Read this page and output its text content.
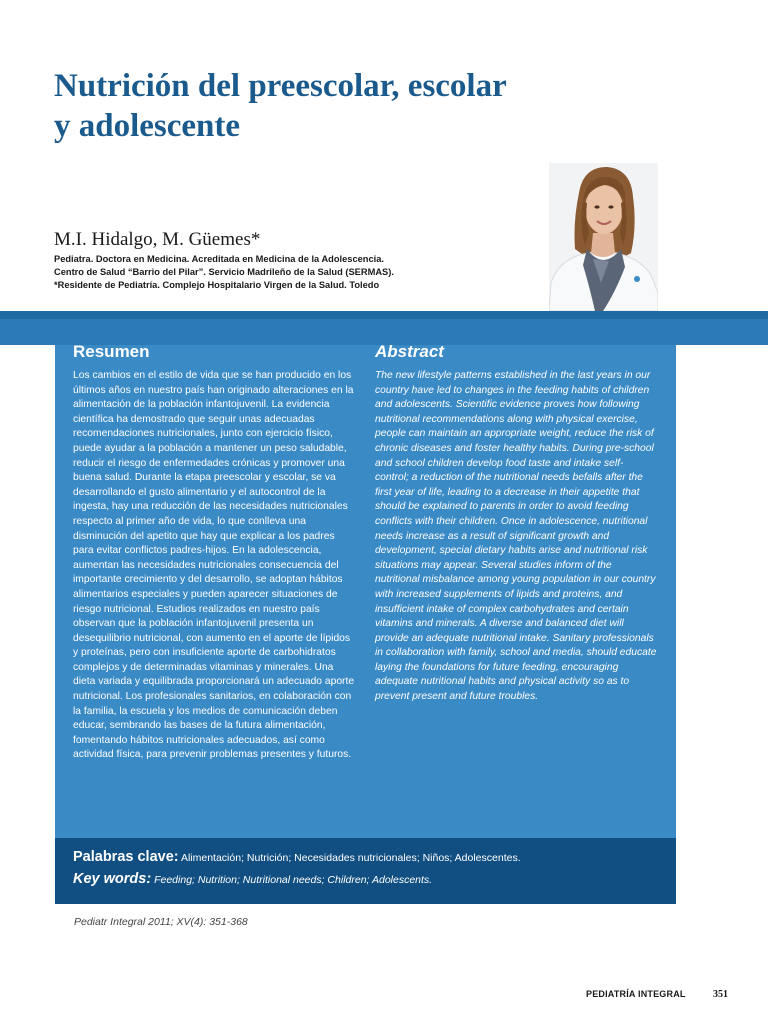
Nutrición del preescolar, escolar
y adolescente
M.I. Hidalgo, M. Güemes*
Pediatra. Doctora en Medicina. Acreditada en Medicina de la Adolescencia.
Centro de Salud “Barrio del Pilar”. Servicio Madrileño de la Salud (SERMAS).
*Residente de Pediatría. Complejo Hospitalario Virgen de la Salud. Toledo
Resumen

Los cambios en el estilo de vida que se han producido en los últimos años en nuestro país han originado alteraciones en la alimentación de la población infantojuvenil. La evidencia científica ha demostrado que seguir unas adecuadas recomendaciones nutricionales, junto con ejercicio físico, puede ayudar a la población a mantener un peso saludable, reducir el riesgo de enfermedades crónicas y promover una buena salud. Durante la etapa preescolar y escolar, se va desarrollando el gusto alimentario y el autocontrol de la ingesta, hay una reducción de las necesidades nutricionales respecto al primer año de vida, lo que conlleva una disminución del apetito que hay que explicar a los padres para evitar conflictos padres-hijos. En la adolescencia, aumentan las necesidades nutricionales consecuencia del importante crecimiento y del desarrollo, se adoptan hábitos alimentarios especiales y pueden aparecer situaciones de riesgo nutricional. Estudios realizados en nuestro país observan que la población infantojuvenil presenta un desequilibrio nutricional, con aumento en el aporte de lípidos y proteínas, pero con insuficiente aporte de carbohidratos complejos y de determinadas vitaminas y minerales. Una dieta variada y equilibrada proporcionará un adecuado aporte nutricional. Los profesionales sanitarios, en colaboración con la familia, la escuela y los medios de comunicación deben educar, sembrando las bases de la futura alimentación, fomentando hábitos nutricionales adecuados, así como actividad física, para prevenir problemas presentes y futuros.

Abstract

The new lifestyle patterns established in the last years in our country have led to changes in the feeding habits of children and adolescents. Scientific evidence proves how following nutritional recommendations along with physical exercise, people can maintain an appropriate weight, reduce the risk of chronic diseases and foster healthy habits. During pre-school and school children develop food taste and intake self-control; a reduction of the nutritional needs befalls after the first year of life, leading to a decrease in their appetite that should be explained to parents in order to avoid feeding conflicts with their children. Once in adolescence, nutritional needs increase as a result of significant growth and development, special dietary habits arise and nutritional risk situations may appear. Several studies inform of the nutritional misbalance among young population in our country with increased supplements of lipids and proteins, and insufficient intake of complex carbohydrates and certain vitamins and minerals. A diverse and balanced diet will provide an adequate nutritional intake. Sanitary professionals in collaboration with family, school and media, should educate laying the foundations for future feeding, encouraging adequate nutritional habits and physical activity so as to prevent present and future troubles.

Palabras clave: Alimentación; Nutrición; Necesidades nutricionales; Niños; Adolescentes.
Key words: Feeding; Nutrition; Nutritional needs; Children; Adolescents.
Pediatr Integral 2011; XV(4): 351-368
PEDIATRÍA INTEGRAL	351
